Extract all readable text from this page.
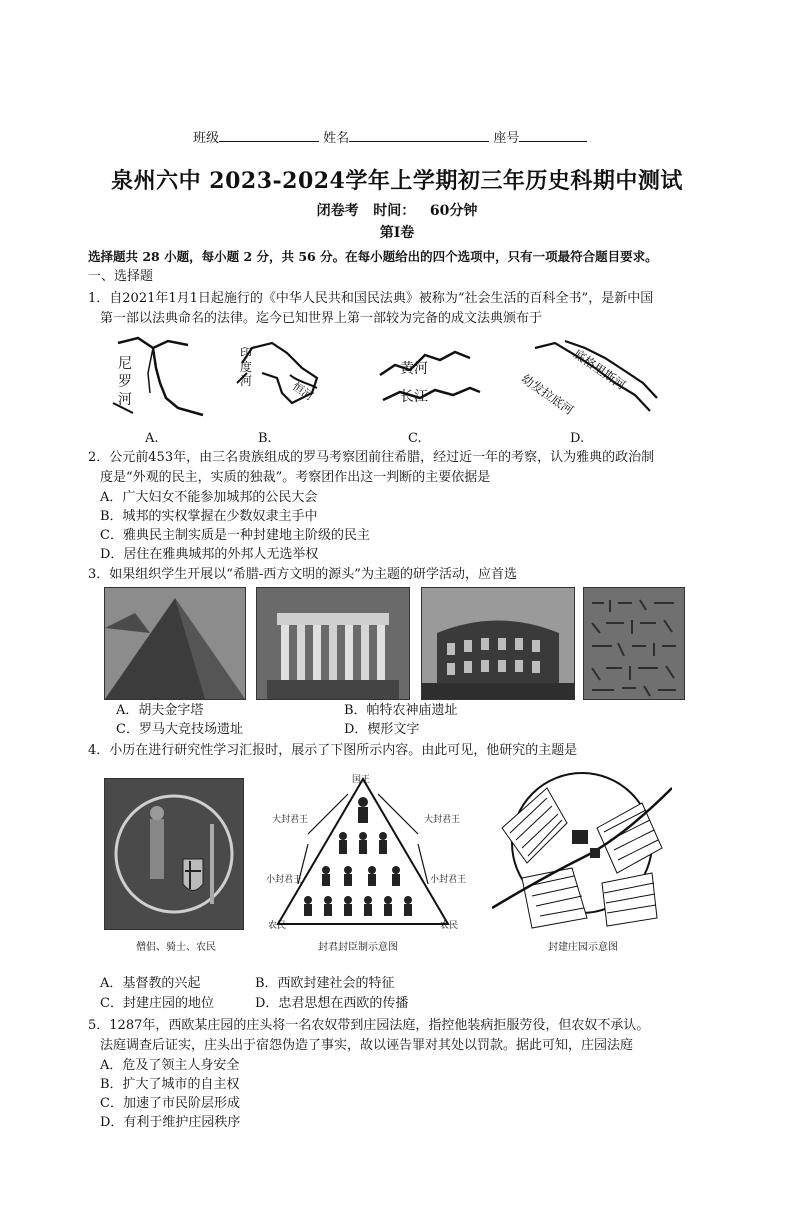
班级	姓名	座号
泉州六中 2023-2024学年上学期初三年历史科期中测试
闭卷考   时间：   60分钟
第Ⅰ卷
选择题共 28 小题，每小题 2 分，共 56 分。在每小题给出的四个选项中，只有一项最符合题目要求。
一、选择题
1．自2021年1月1日起施行的《中华人民共和国民法典》被称为“社会生活的百科全书”，是新中国
第一部以法典命名的法律。迄今已知世界上第一部较为完备的成文法典颁布于
尼罗河
A.
印度河	恒河
B.
黄河
长江
C.
幼发拉底河
底格里斯河
D.
2．公元前453年，由三名贵族组成的罗马考察团前往希腊，经过近一年的考察，认为雅典的政治制
度是“外观的民主，实质的独裁”。考察团作出这一判断的主要依据是
A．广大妇女不能参加城邦的公民大会
B．城邦的实权掌握在少数奴隶主手中
C．雅典民主制实质是一种封建地主阶级的民主
D．居住在雅典城邦的外邦人无选举权
3．如果组织学生开展以“希腊-西方文明的源头”为主题的研学活动，应首选
A．胡夫金字塔	B．帕特农神庙遗址
C．罗马大竞技场遗址	D．楔形文字
4．小历在进行研究性学习汇报时，展示了下图所示内容。由此可见，他研究的主题是
僧侣、骑士、农民
国王
大封君王	大封君王
小封君王	小封君王
农民	农民
封君封臣制示意图	封建庄园示意图
A．基督教的兴起	B．西欧封建社会的特征
C．封建庄园的地位	D．忠君思想在西欧的传播
5．1287年，西欧某庄园的庄头将一名农奴带到庄园法庭，指控他装病拒服劳役，但农奴不承认。
法庭调查后证实，庄头出于宿怨伪造了事实，故以诬告罪对其处以罚款。据此可知，庄园法庭
A．危及了领主人身安全
B．扩大了城市的自主权
C．加速了市民阶层形成
D．有利于维护庄园秩序
